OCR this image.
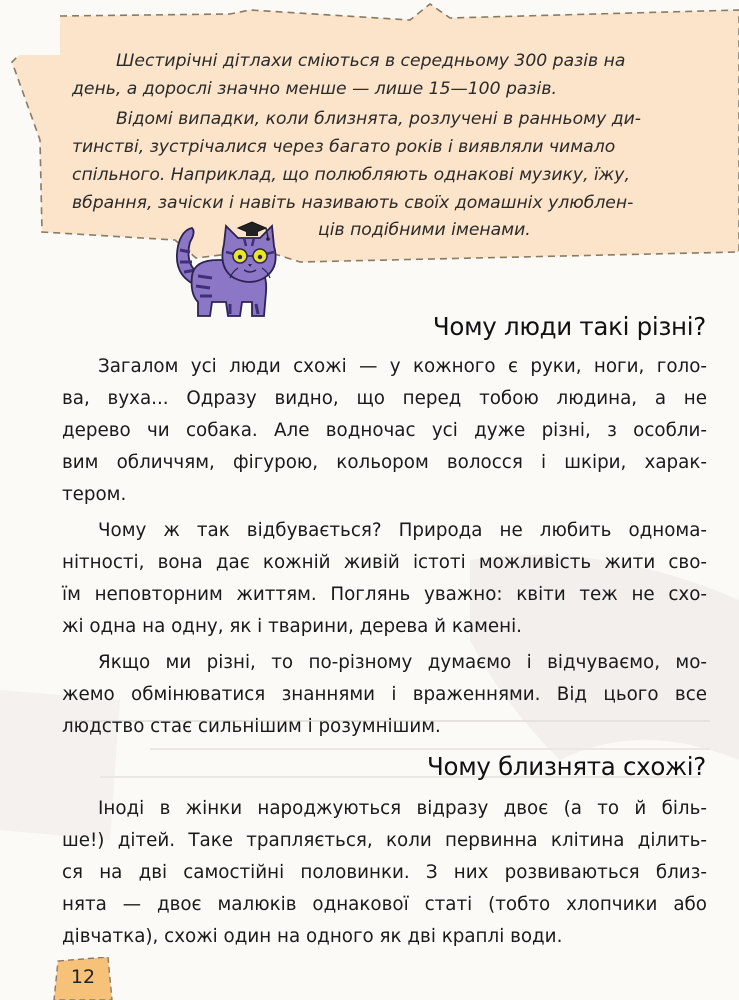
Шестирічні дітлахи сміються в середньому 300 разів на
день, а дорослі значно менше — лише 15—100 разів.
Відомі випадки, коли близнята, розлучені в ранньому ди-
тинстві, зустрічалися через багато років і виявляли чимало
спільного. Наприклад, що полюбляють однакові музику, їжу,
вбрання, зачіски і навіть називають своїх домашніх улюблен-
ців подібними іменами.
Чому люди такі різні?

Загалом усі люди схожі — у кожного є руки, ноги, голо-

ва, вуха... Одразу видно, що перед тобою людина, а не

дерево чи собака. Але водночас усі дуже різні, з особли-

вим обличчям, фігурою, кольором волосся і шкіри, харак-

тером.

Чому ж так відбувається? Природа не любить однома-

нітності, вона дає кожній живій істоті можливість жити сво-

їм неповторним життям. Поглянь уважно: квіти теж не схо-

жі одна на одну, як і тварини, дерева й камені.

Якщо ми різні, то по-різному думаємо і відчуваємо, мо-

жемо обмінюватися знаннями і враженнями. Від цього все

людство стає сильнішим і розумнішим.

Чому близнята схожі?

Іноді в жінки народжуються відразу двоє (а то й біль-

ше!) дітей. Таке трапляється, коли первинна клітина ділить-

ся на дві самостійні половинки. З них розвиваються близ-

нята — двоє малюків однакової статі (тобто хлопчики або

дівчатка), схожі один на одного як дві краплі води.

12
